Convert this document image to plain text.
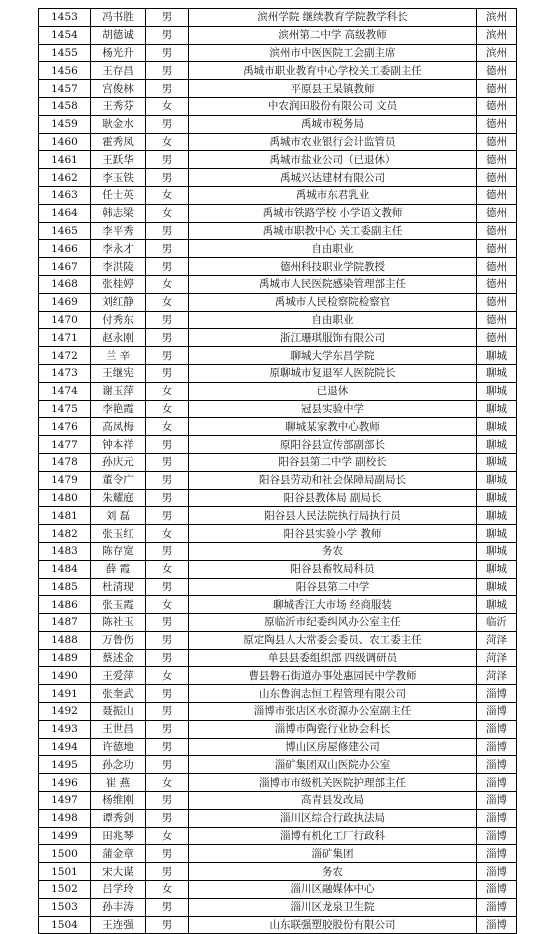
1453	冯书胜	男	滨州学院 继续教育学院教学科长	滨州
1454	胡德诚	男	滨州第二中学 高级教师	滨州
1455	杨光升	男	滨州市中医医院工会副主席	滨州
1456	王存昌	男	禹城市职业教育中心学校关工委副主任	德州
1457	宫俊林	男	平原县王杲镇教师	德州
1458	王秀芬	女	中农润田股份有限公司 文员	德州
1459	耿金水	男	禹城市税务局	德州
1460	霍秀凤	女	禹城市农业银行会计监管员	德州
1461	王跃华	男	禹城市盐业公司（已退休）	德州
1462	李玉铁	男	禹城兴达建材有限公司	德州
1463	任士英	女	禹城市东君乳业	德州
1464	韩志梁	女	禹城市铁路学校 小学语文教师	德州
1465	李平秀	男	禹城市职教中心 关工委副主任	德州
1466	李永才	男	自由职业	德州
1467	李洪陵	男	德州科技职业学院教授	德州
1468	张桂婷	女	禹城市人民医院感染管理部主任	德州
1469	刘红静	女	禹城市人民检察院检察官	德州
1470	付秀东	男	自由职业	德州
1471	赵永刚	男	浙江珊琪服饰有限公司	德州
1472	兰 辛	男	聊城大学东昌学院	聊城
1473	王继宪	男	原聊城市复退军人医院院长	聊城
1474	谢玉萍	女	已退休	聊城
1475	李艳霞	女	冠县实验中学	聊城
1476	高凤梅	女	聊城某家教中心教师	聊城
1477	钟本祥	男	原阳谷县宣传部副部长	聊城
1478	孙庆元	男	阳谷县第二中学 副校长	聊城
1479	董令广	男	阳谷县劳动和社会保障局副局长	聊城
1480	朱耀庭	男	阳谷县教体局 副局长	聊城
1481	刘 磊	男	阳谷县人民法院执行局执行员	聊城
1482	张玉红	女	阳谷县实验小学 教师	聊城
1483	陈存宽	男	务农	聊城
1484	薛 霞	女	阳谷县畜牧局科员	聊城
1485	杜清现	男	阳谷县第二中学	聊城
1486	张玉霞	女	聊城香江大市场 经商服装	聊城
1487	陈社玉	男	原临沂市纪委纠风办公室主任	临沂
1488	万鲁伤	男	原定陶县人大常委会委员、农工委主任	菏泽
1489	蔡述金	男	单县县委组织部 四级调研员	菏泽
1490	王爱萍	女	曹县磐石街道办事处惠园民中学教师	菏泽
1491	张奎武	男	山东鲁润志恒工程管理有限公司	淄博
1492	聂振山	男	淄博市张店区水资源办公室副主任	淄博
1493	王世昌	男	淄博市陶瓷行业协会科长	淄博
1494	许德地	男	博山区房屋修建公司	淄博
1495	孙念功	男	淄矿集团双山医院办公室	淄博
1496	崔 燕	女	淄博市市级机关医院护理部主任	淄博
1497	杨维刚	男	高青县发改局	淄博
1498	谭秀剑	男	淄川区综合行政执法局	淄博
1499	田兆琴	女	淄博有机化工厂行政科	淄博
1500	蒲金章	男	淄矿集团	淄博
1501	宋大谋	男	务农	淄博
1502	吕学玲	女	淄川区融媒体中心	淄博
1503	孙丰涛	男	淄川区龙泉卫生院	淄博
1504	王连强	男	山东联强塑胶股份有限公司	淄博
